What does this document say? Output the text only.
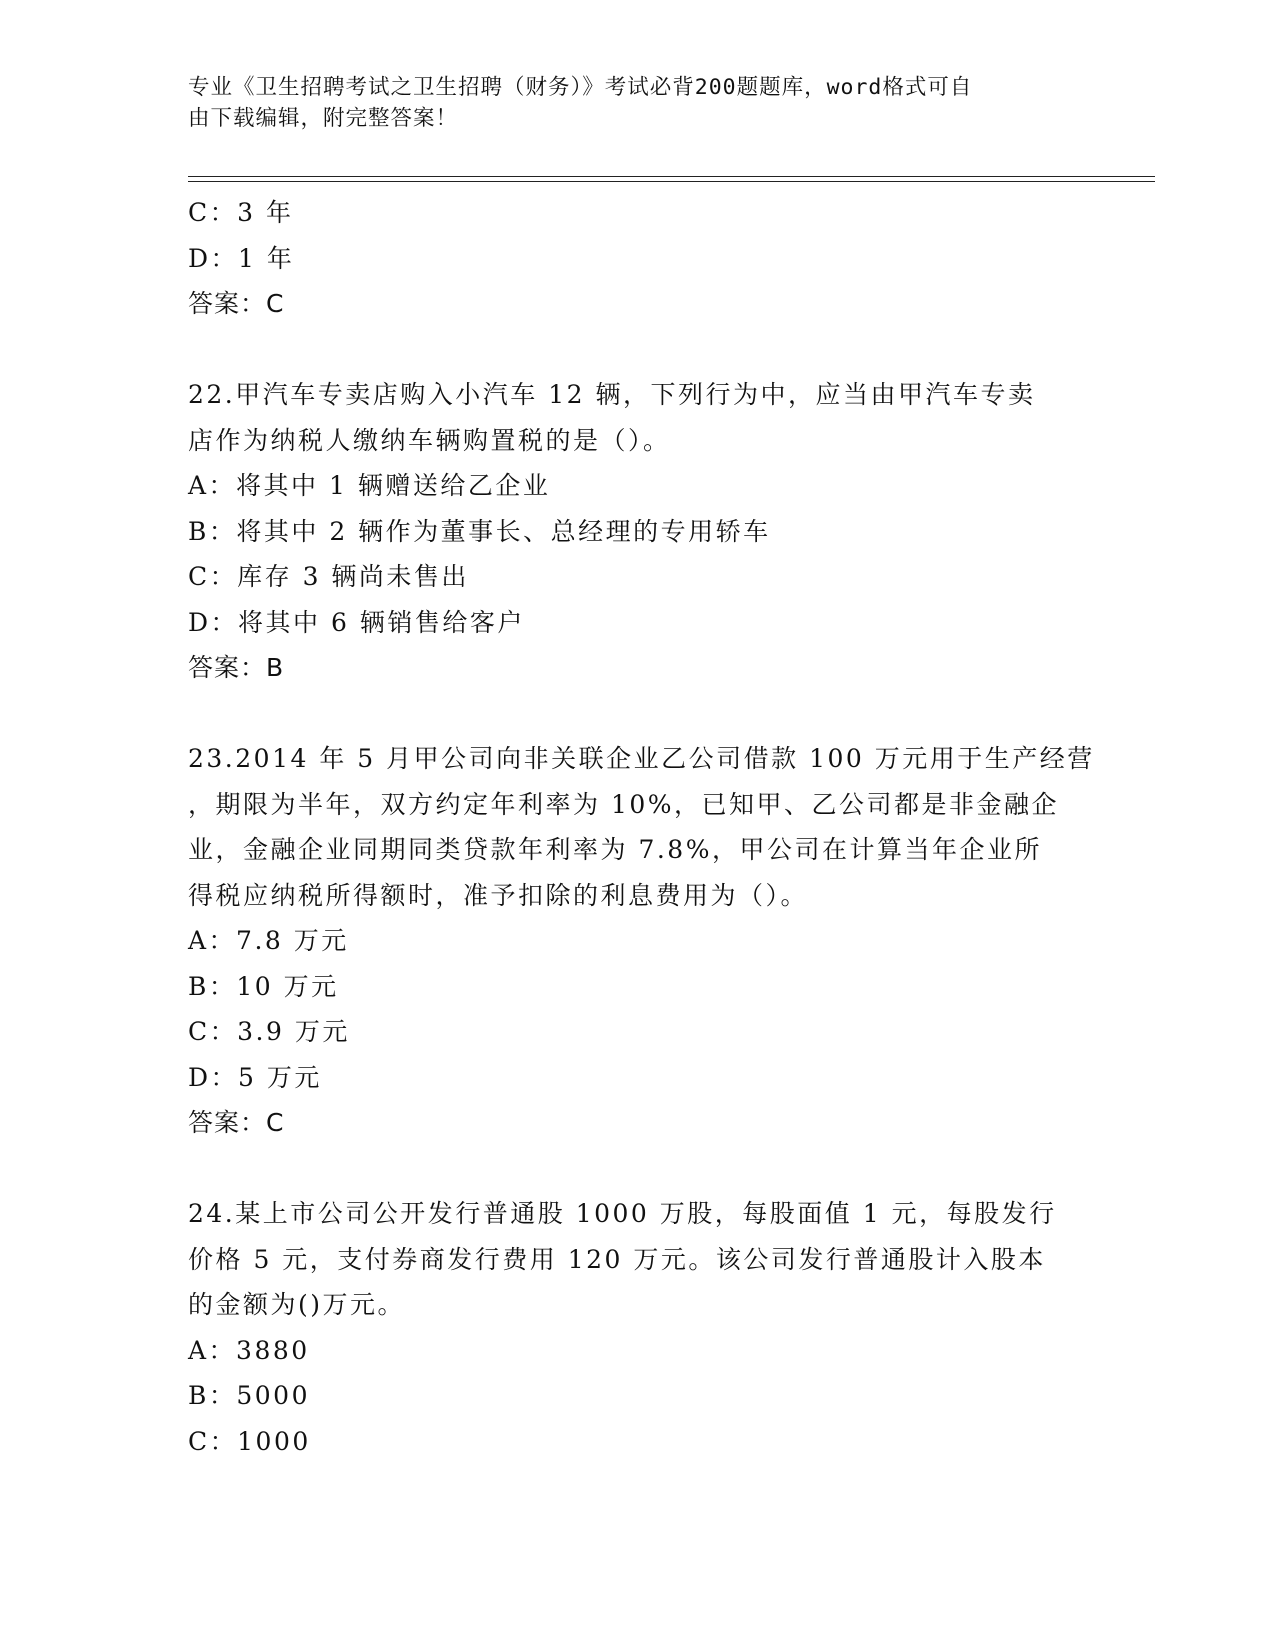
专业《卫生招聘考试之卫生招聘（财务）》考试必背200题题库，word格式可自
由下载编辑，附完整答案！
C：3 年
D：1 年
答案：C
22.甲汽车专卖店购入小汽车 12 辆，下列行为中，应当由甲汽车专卖
店作为纳税人缴纳车辆购置税的是（）。
A：将其中 1 辆赠送给乙企业
B：将其中 2 辆作为董事长、总经理的专用轿车
C：库存 3 辆尚未售出
D：将其中 6 辆销售给客户
答案：B
23.2014 年 5 月甲公司向非关联企业乙公司借款 100 万元用于生产经营
，期限为半年，双方约定年利率为 10%，已知甲、乙公司都是非金融企
业，金融企业同期同类贷款年利率为 7.8%，甲公司在计算当年企业所
得税应纳税所得额时，准予扣除的利息费用为（）。
A：7.8 万元
B：10 万元
C：3.9 万元
D：5 万元
答案：C
24.某上市公司公开发行普通股 1000 万股，每股面值 1 元，每股发行
价格 5 元，支付券商发行费用 120 万元。该公司发行普通股计入股本
的金额为()万元。
A：3880
B：5000
C：1000
